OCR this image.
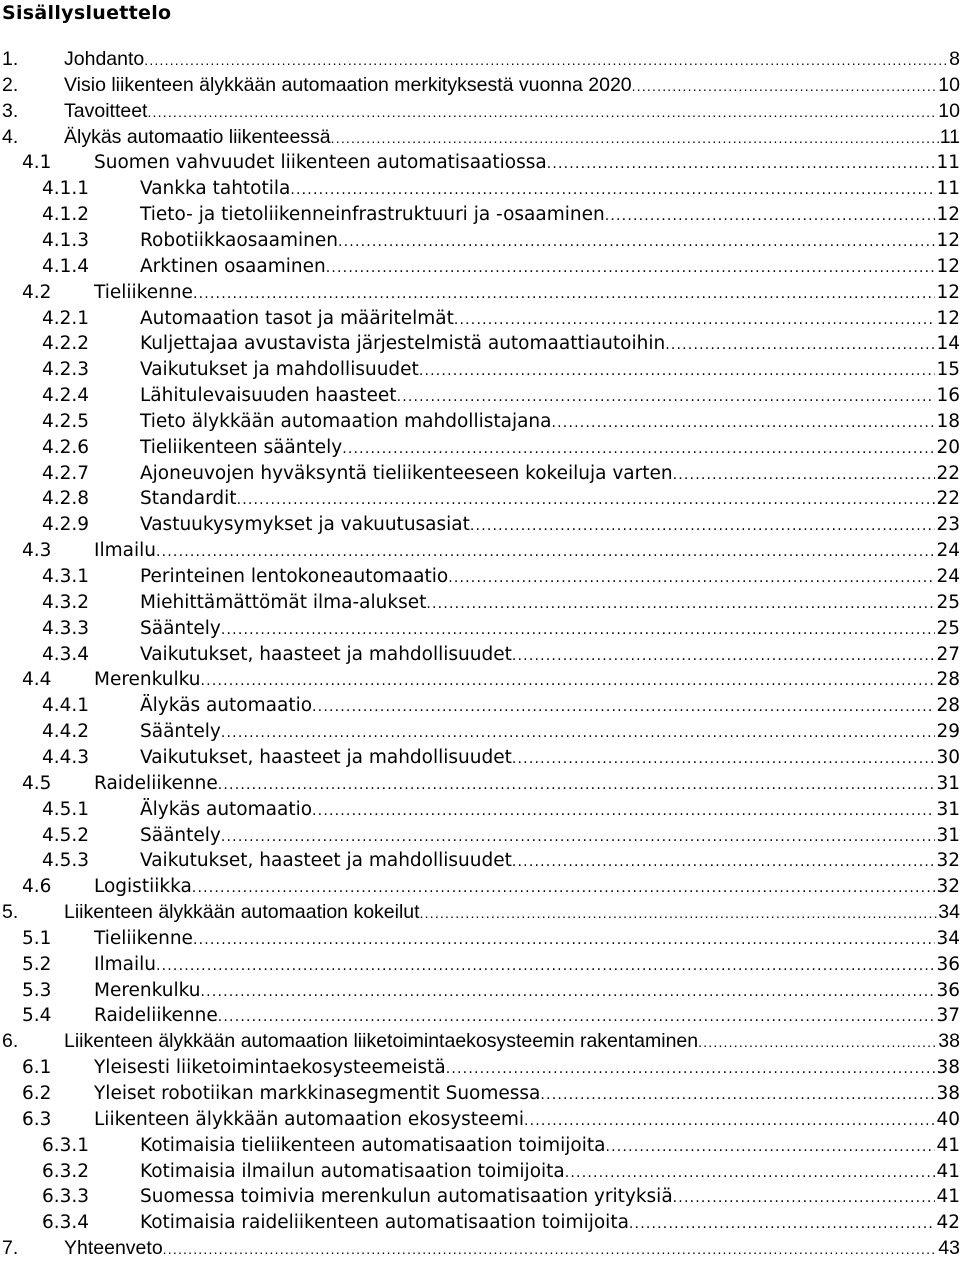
Sisällysluettelo
1.	Johdanto .....	8
2.	Visio liikenteen älykkään automaation merkityksestä vuonna 2020 .....	10
3.	Tavoitteet .....	10
4.	Älykäs automaatio liikenteessä .....	11
4.1	Suomen vahvuudet liikenteen automatisaatiossa .....	11
4.1.1	Vankka tahtotila .....	11
4.1.2	Tieto- ja tietoliikenneinfrastruktuuri ja -osaaminen .....	12
4.1.3	Robotiikkaosaaminen .....	12
4.1.4	Arktinen osaaminen .....	12
4.2	Tieliikenne .....	12
4.2.1	Automaation tasot ja määritelmät .....	12
4.2.2	Kuljettajaa avustavista järjestelmistä automaattiautoihin .....	14
4.2.3	Vaikutukset ja mahdollisuudet .....	15
4.2.4	Lähitulevaisuuden haasteet .....	16
4.2.5	Tieto älykkään automaation mahdollistajana .....	18
4.2.6	Tieliikenteen sääntely .....	20
4.2.7	Ajoneuvojen hyväksyntä tieliikenteeseen kokeiluja varten .....	22
4.2.8	Standardit .....	22
4.2.9	Vastuukysymykset ja vakuutusasiat .....	23
4.3	Ilmailu .....	24
4.3.1	Perinteinen lentokoneautomaatio .....	24
4.3.2	Miehittämättömät ilma-alukset .....	25
4.3.3	Sääntely .....	25
4.3.4	Vaikutukset, haasteet ja mahdollisuudet .....	27
4.4	Merenkulku .....	28
4.4.1	Älykäs automaatio .....	28
4.4.2	Sääntely .....	29
4.4.3	Vaikutukset, haasteet ja mahdollisuudet .....	30
4.5	Raideliikenne .....	31
4.5.1	Älykäs automaatio .....	31
4.5.2	Sääntely .....	31
4.5.3	Vaikutukset, haasteet ja mahdollisuudet .....	32
4.6	Logistiikka .....	32
5.	Liikenteen älykkään automaation kokeilut .....	34
5.1	Tieliikenne .....	34
5.2	Ilmailu .....	36
5.3	Merenkulku .....	36
5.4	Raideliikenne .....	37
6.	Liikenteen älykkään automaation liiketoimintaekosysteemin rakentaminen .....	38
6.1	Yleisesti liiketoimintaekosysteemeistä .....	38
6.2	Yleiset robotiikan markkinasegmentit Suomessa .....	38
6.3	Liikenteen älykkään automaation ekosysteemi .....	40
6.3.1	Kotimaisia tieliikenteen automatisaation toimijoita .....	41
6.3.2	Kotimaisia ilmailun automatisaation toimijoita .....	41
6.3.3	Suomessa toimivia merenkulun automatisaation yrityksiä .....	41
6.3.4	Kotimaisia raideliikenteen automatisaation toimijoita .....	42
7.	Yhteenveto .....	43
